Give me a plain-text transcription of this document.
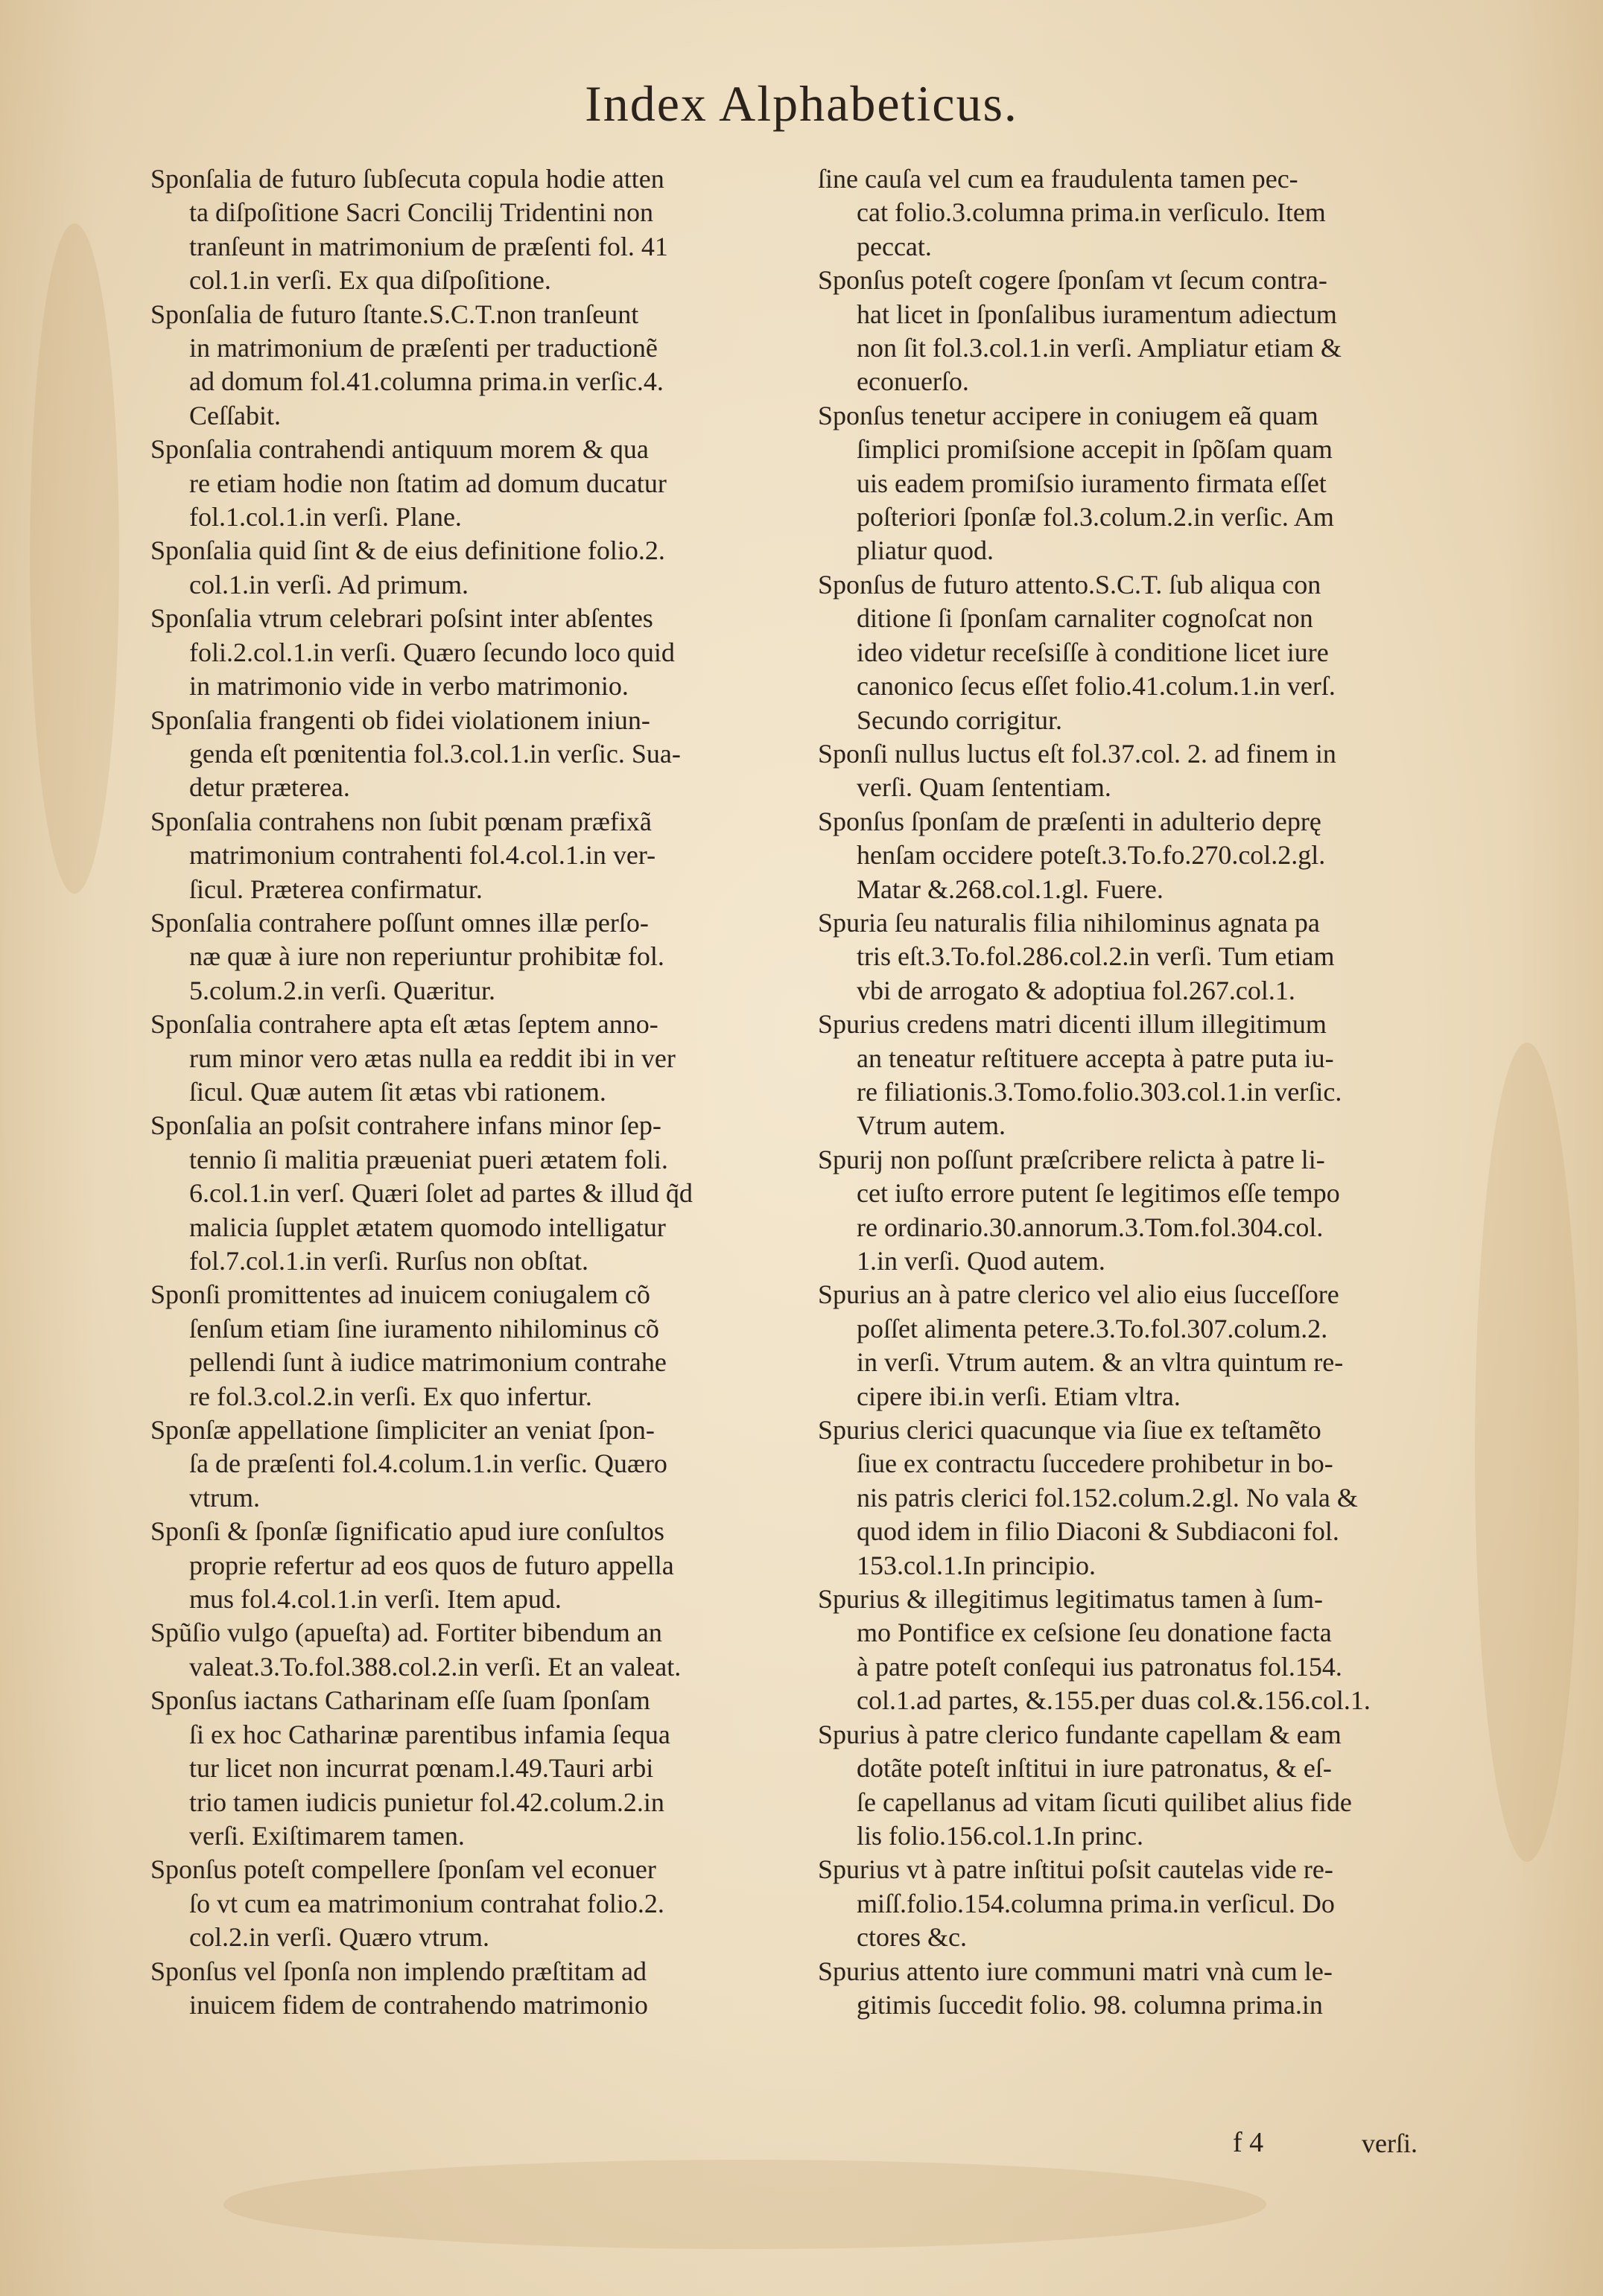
Index Alphabeticus.
Sponſalia de futuro ſubſecuta copula hodie atten
ta diſpoſitione Sacri Concilij Tridentini non
tranſeunt in matrimonium de præſenti fol. 41
col.1.in verſi. Ex qua diſpoſitione.
Sponſalia de futuro ſtante.S.C.T.non tranſeunt
in matrimonium de præſenti per traductionẽ
ad domum fol.41.columna prima.in verſic.4.
Ceſſabit.
Sponſalia contrahendi antiquum morem & qua
re etiam hodie non ſtatim ad domum ducatur
fol.1.col.1.in verſi. Plane.
Sponſalia quid ſint & de eius definitione folio.2.
col.1.in verſi. Ad primum.
Sponſalia vtrum celebrari poſsint inter abſentes
foli.2.col.1.in verſi. Quæro ſecundo loco quid
in matrimonio vide in verbo matrimonio.
Sponſalia frangenti ob fidei violationem iniun-
genda eſt pœnitentia fol.3.col.1.in verſic. Sua-
detur præterea.
Sponſalia contrahens non ſubit pœnam præfixã
matrimonium contrahenti fol.4.col.1.in ver-
ſicul. Præterea confirmatur.
Sponſalia contrahere poſſunt omnes illæ perſo-
næ quæ à iure non reperiuntur prohibitæ fol.
5.colum.2.in verſi. Quæritur.
Sponſalia contrahere apta eſt ætas ſeptem anno-
rum minor vero ætas nulla ea reddit ibi in ver
ſicul. Quæ autem ſit ætas vbi rationem.
Sponſalia an poſsit contrahere infans minor ſep-
tennio ſi malitia præueniat pueri ætatem foli.
6.col.1.in verſ. Quæri ſolet ad partes & illud q̃d
malicia ſupplet ætatem quomodo intelligatur
fol.7.col.1.in verſi. Rurſus non obſtat.
Sponſi promittentes ad inuicem coniugalem cõ
ſenſum etiam ſine iuramento nihilominus cõ
pellendi ſunt à iudice matrimonium contrahe
re fol.3.col.2.in verſi. Ex quo infertur.
Sponſæ appellatione ſimpliciter an veniat ſpon-
ſa de præſenti fol.4.colum.1.in verſic. Quæro
vtrum.
Sponſi & ſponſæ ſignificatio apud iure conſultos
proprie refertur ad eos quos de futuro appella
mus fol.4.col.1.in verſi. Item apud.
Spũſio vulgo (apueſta) ad. Fortiter bibendum an
valeat.3.To.fol.388.col.2.in verſi. Et an valeat.
Sponſus iactans Catharinam eſſe ſuam ſponſam
ſi ex hoc Catharinæ parentibus infamia ſequa
tur licet non incurrat pœnam.l.49.Tauri arbi
trio tamen iudicis punietur fol.42.colum.2.in
verſi. Exiſtimarem tamen.
Sponſus poteſt compellere ſponſam vel econuer
ſo vt cum ea matrimonium contrahat folio.2.
col.2.in verſi. Quæro vtrum.
Sponſus vel ſponſa non implendo præſtitam ad
inuicem fidem de contrahendo matrimonio
ſine cauſa vel cum ea fraudulenta tamen pec-
cat folio.3.columna prima.in verſiculo. Item
peccat.
Sponſus poteſt cogere ſponſam vt ſecum contra-
hat licet in ſponſalibus iuramentum adiectum
non ſit fol.3.col.1.in verſi. Ampliatur etiam &
econuerſo.
Sponſus tenetur accipere in coniugem eã quam
ſimplici promiſsione accepit in ſpõſam quam
uis eadem promiſsio iuramento firmata eſſet
poſteriori ſponſæ fol.3.colum.2.in verſic. Am
pliatur quod.
Sponſus de futuro attento.S.C.T. ſub aliqua con
ditione ſi ſponſam carnaliter cognoſcat non
ideo videtur receſsiſſe à conditione licet iure
canonico ſecus eſſet folio.41.colum.1.in verſ.
Secundo corrigitur.
Sponſi nullus luctus eſt fol.37.col. 2. ad finem in
verſi. Quam ſententiam.
Sponſus ſponſam de præſenti in adulterio deprę
henſam occidere poteſt.3.To.fo.270.col.2.gl.
Matar &.268.col.1.gl. Fuere.
Spuria ſeu naturalis filia nihilominus agnata pa
tris eſt.3.To.fol.286.col.2.in verſi. Tum etiam
vbi de arrogato & adoptiua fol.267.col.1.
Spurius credens matri dicenti illum illegitimum
an teneatur reſtituere accepta à patre puta iu-
re filiationis.3.Tomo.folio.303.col.1.in verſic.
Vtrum autem.
Spurij non poſſunt præſcribere relicta à patre li-
cet iuſto errore putent ſe legitimos eſſe tempo
re ordinario.30.annorum.3.Tom.fol.304.col.
1.in verſi. Quod autem.
Spurius an à patre clerico vel alio eius ſucceſſore
poſſet alimenta petere.3.To.fol.307.colum.2.
in verſi. Vtrum autem. & an vltra quintum re-
cipere ibi.in verſi. Etiam vltra.
Spurius clerici quacunque via ſiue ex teſtamẽto
ſiue ex contractu ſuccedere prohibetur in bo-
nis patris clerici fol.152.colum.2.gl. No vala &
quod idem in filio Diaconi & Subdiaconi fol.
153.col.1.In principio.
Spurius & illegitimus legitimatus tamen à ſum-
mo Pontifice ex ceſsione ſeu donatione facta
à patre poteſt conſequi ius patronatus fol.154.
col.1.ad partes, &.155.per duas col.&.156.col.1.
Spurius à patre clerico fundante capellam & eam
dotãte poteſt inſtitui in iure patronatus, & eſ-
ſe capellanus ad vitam ſicuti quilibet alius fide
lis folio.156.col.1.In princ.
Spurius vt à patre inſtitui poſsit cautelas vide re-
miſſ.folio.154.columna prima.in verſicul. Do
ctores &c.
Spurius attento iure communi matri vnà cum le-
gitimis ſuccedit folio. 98. columna prima.in
f 4	verſi.
